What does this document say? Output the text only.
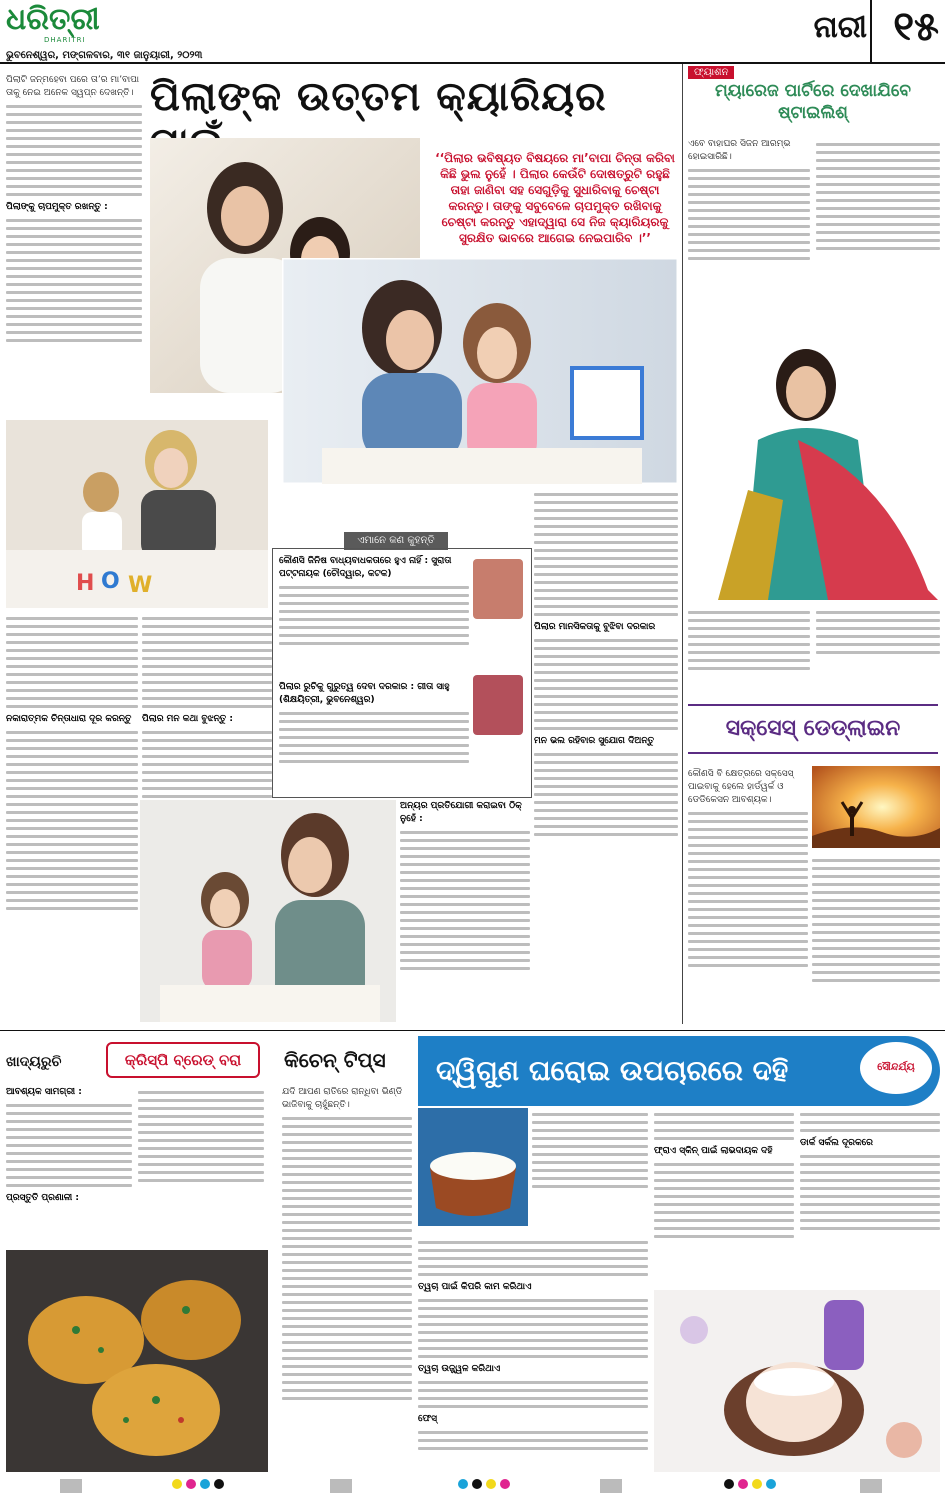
ଧରିତ୍ରୀ
DHARITRI
ଭୁବନେଶ୍ୱର, ମଙ୍ଗଳବାର, ୩୧ ଜାନୁୟାରୀ, ୨୦୨୩
ନାରୀ ୧୫
ପିଲାଙ୍କ ଉତ୍ତମ କ୍ୟାରିୟର

ପିଲାଟି ଜନ୍ମହେବା ପରେ ତା’ର ମା’ବାପା ତାକୁ ନେଇ ଅନେକ ସ୍ୱପ୍ନ ଦେଖନ୍ତି।

ପିଲାଙ୍କୁ ଚାପମୁକ୍ତ ରଖନ୍ତୁ :

‘‘ପିଲାର ଭବିଷ୍ୟତ ବିଷୟରେ ମା’ବାପା ଚିନ୍ତା କରିବା କିଛି ଭୁଲ ନୁହେଁ । ପିଲାର କେଉଁଟି ଦୋଷତ୍ରୁଟି ରହୁଛି ତାହା ଜାଣିବା ସହ ସେଗୁଡ଼ିକୁ ସୁଧାରିବାକୁ ଚେଷ୍ଟା କରନ୍ତୁ। ତାଙ୍କୁ ସବୁବେଳେ ଚାପମୁକ୍ତ ରଖିବାକୁ ଚେଷ୍ଟା କରନ୍ତୁ ଏହାଦ୍ୱାରା ସେ ନିଜ କ୍ୟାରିୟରକୁ ସୁରକ୍ଷିତ ଭାବରେ ଆଗେଇ ନେଇପାରିବ ।’’
H O W

ନକାରାତ୍ମକ ଚିନ୍ତାଧାରା ଦୂର କରନ୍ତୁ	ପିଲାର ମନ କଥା ବୁଝନ୍ତୁ :

ଏମାନେ କଣ କୁହନ୍ତି

କୌଣସି ଜିନିଷ ବାଧ୍ୟବାଧକତାରେ ହୁଏ ନାହିଁ : ସୁରାତା ପଟ୍ଟନାୟକ (ଚୌଦ୍ୱାର, କଟକ)

ପିଲାର ରୁଚିକୁ ଗୁରୁତ୍ୱ ଦେବା ଦରକାର : ଗୀତା ସାହୁ (ଶିକ୍ଷୟିତ୍ରୀ, ଭୁବନେଶ୍ୱର)

ପିଲାର ମାନସିକତାକୁ ବୁଝିବା ଦରକାର

ମନ ଭଲ ରହିବାର ସୁଯୋଗ ଦିଅନ୍ତୁ

ଅନ୍ୟର ପ୍ରତିଯୋଗୀ କରାଇବା ଠିକ୍ ନୁହେଁ :

ଫ୍ୟାଶନ
ମ୍ୟାରେଜ ପାର୍ଟିରେ ଦେଖାଯିବେ ଷ୍ଟାଇଲିଶ୍

ଏବେ ବାହାଘର ସିଜନ ଆରମ୍ଭ ହୋଇସାରିଛି।

ସକ୍‌ସେସ୍ ଡେଡ୍‌ଲାଇନ

କୌଣସି ବି କ୍ଷେତ୍ରରେ ସକ୍‌ସେସ୍ ପାଇବାକୁ ହେଲେ ହାର୍ଡୱର୍କ ଓ ଡେଡିକେସନ ଆବଶ୍ୟକ।

ଖାଦ୍ୟରୁଚି	କ୍ରିସ୍ପି ବ୍ରେଡ୍ ବରା

ଆବଶ୍ୟକ ସାମଗ୍ରୀ :

ପ୍ରସ୍ତୁତି ପ୍ରଣାଳୀ :

କିଚେନ୍ ଟିପ୍ସ

ଯଦି ଆପଣ ରାତିରେ ରାନ୍ଧିବା ଭିଣ୍ଡି ଭାଜିବାକୁ ଚାହୁଁଛନ୍ତି।

ଦ୍ୱିଗୁଣ ଘରୋଇ ଉପଚାରରେ ଦହି	ସୌନ୍ଦର୍ଯ୍ୟ

ତ୍ୱଚା ପାଇଁ କିପରି କାମ କରିଥାଏ

ତ୍ୱଚା ଉଜ୍ଜ୍ୱଳ କରିଥାଏ

ଫେସ୍

ଫ୍ରାଏ ସ୍କିନ୍ ପାଇଁ ଲାଭଦାୟକ ଦହି

ଡାର୍କ ସର୍କଲ ଦୂରକରେ
